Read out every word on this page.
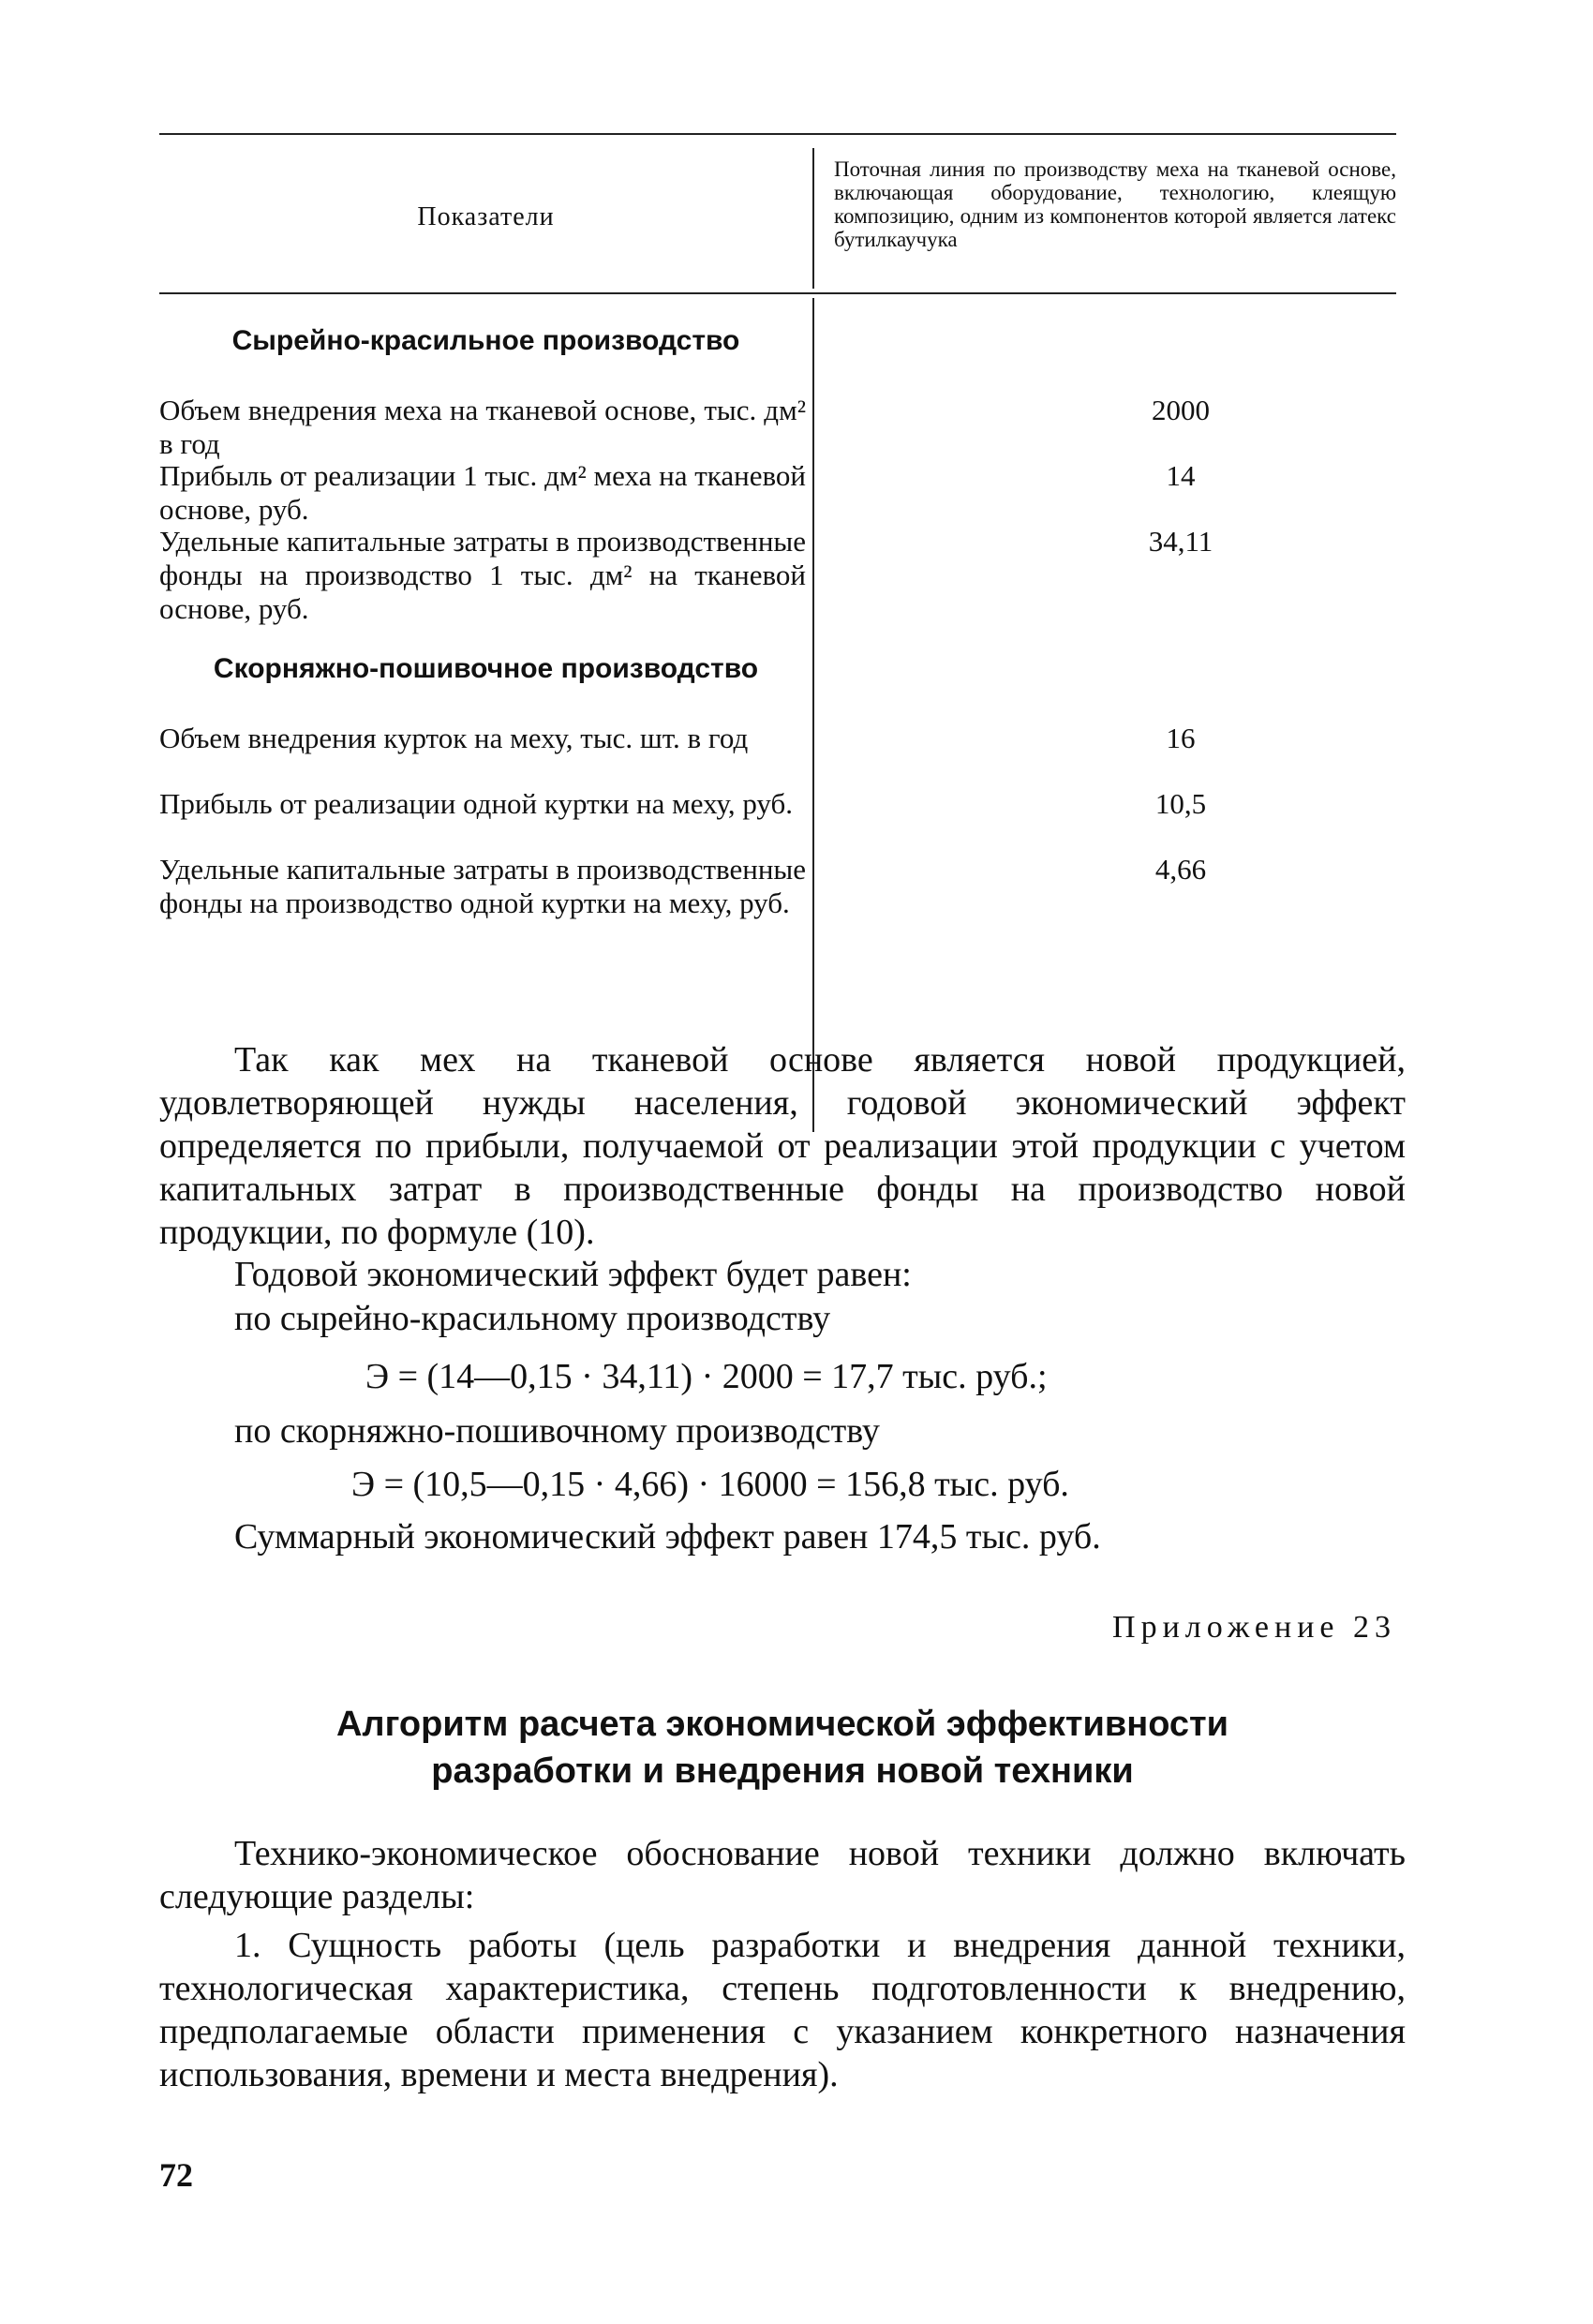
Показатели
Поточная линия по производству меха на тканевой основе, включающая оборудование, технологию, клеящую композицию, одним из компонентов которой является латекс бутилкаучука
Сырейно-красильное производство
Объем внедрения меха на тканевой основе, тыс. дм² в год
2000
Прибыль от реализации 1 тыс. дм² меха на тканевой основе, руб.
14
Удельные капитальные затраты в производственные фонды на производство 1 тыс. дм² на тканевой основе, руб.
34,11
Скорняжно-пошивочное производство
Объем внедрения курток на меху, тыс. шт. в год	16
Прибыль от реализации одной куртки на меху, руб.	10,5
Удельные капитальные затраты в производственные фонды на производство одной куртки на меху, руб.
4,66
Так как мех на тканевой основе является новой продукцией, удовлетворяющей нужды населения, годовой экономический эффект определяется по прибыли, получаемой от реализации этой продукции с учетом капитальных затрат в производственные фонды на производство новой продукции, по формуле (10).
Годовой экономический эффект будет равен:
по сырейно-красильному производству
Э = (14—0,15 · 34,11) · 2000 = 17,7 тыс. руб.;
по скорняжно-пошивочному производству
Э = (10,5—0,15 · 4,66) · 16000 = 156,8 тыс. руб.
Суммарный экономический эффект равен 174,5 тыс. руб.
Приложение 23
Алгоритм расчета экономической эффективности
разработки и внедрения новой техники
Технико-экономическое обоснование новой техники должно включать следующие разделы:
1. Сущность работы (цель разработки и внедрения данной техники, технологическая характеристика, степень подготовленности к внедрению, предполагаемые области применения с указанием конкретного назначения использования, времени и места внедрения).
72
